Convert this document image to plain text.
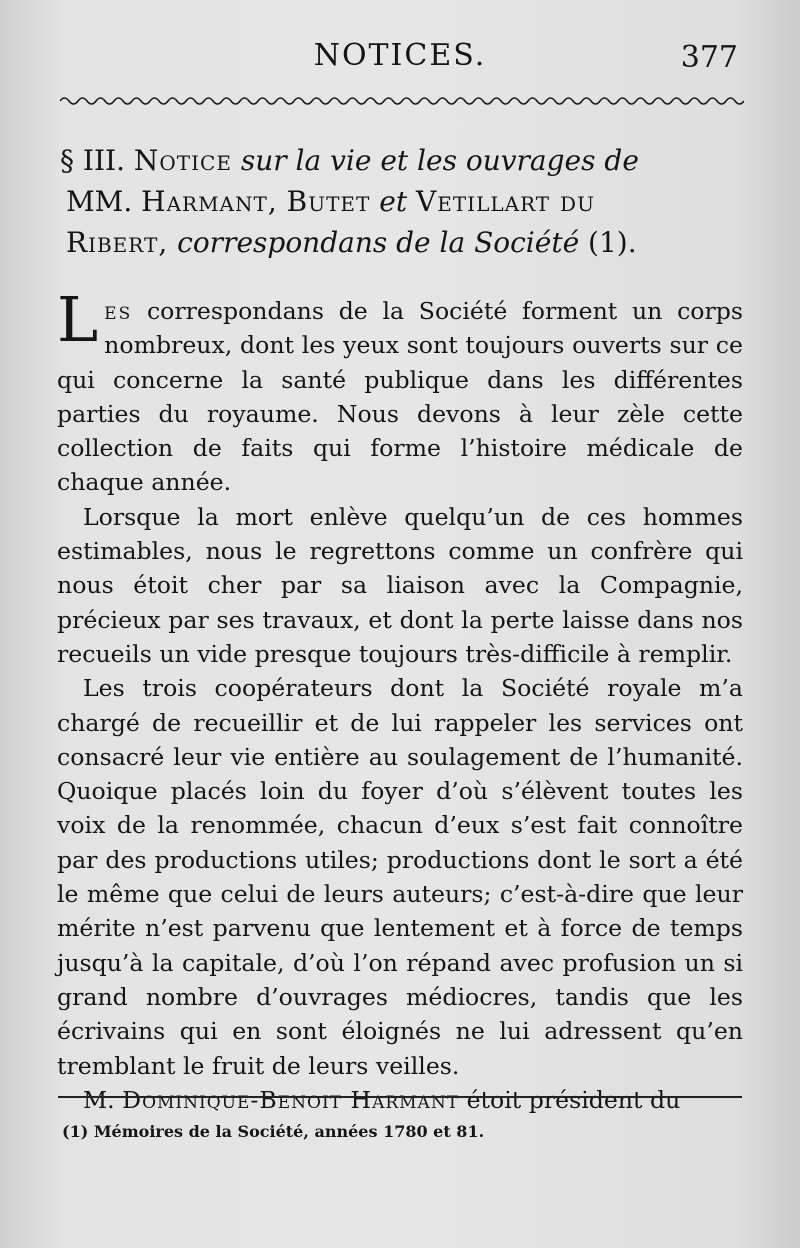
NOTICES.	377
§ III. Notice sur la vie et les ouvrages de
MM. Harmant, Butet et Vetillart du
Ribert, correspondans de la Société (1).

Les correspondans de la Société forment un corps nombreux, dont les yeux sont toujours ouverts sur ce qui concerne la santé publique dans les différentes parties du royaume. Nous devons à leur zèle cette collection de faits qui forme l’histoire médicale de chaque année.

Lorsque la mort enlève quelqu’un de ces hommes estimables, nous le regrettons comme un confrère qui nous étoit cher par sa liaison avec la Compagnie, précieux par ses travaux, et dont la perte laisse dans nos recueils un vide presque toujours très-difficile à remplir.

Les trois coopérateurs dont la Société royale m’a chargé de recueillir et de lui rappeler les services ont consacré leur vie entière au soulagement de l’humanité. Quoique placés loin du foyer d’où s’élèvent toutes les voix de la renommée, chacun d’eux s’est fait connoître par des productions utiles; productions dont le sort a été le même que celui de leurs auteurs; c’est-à-dire que leur mérite n’est parvenu que lentement et à force de temps jusqu’à la capitale, d’où l’on répand avec profusion un si grand nombre d’ouvrages médiocres, tandis que les écrivains qui en sont éloignés ne lui adressent qu’en tremblant le fruit de leurs veilles.

M. Dominique-Benoit Harmant étoit président du

(1) Mémoires de la Société, années 1780 et 81.
